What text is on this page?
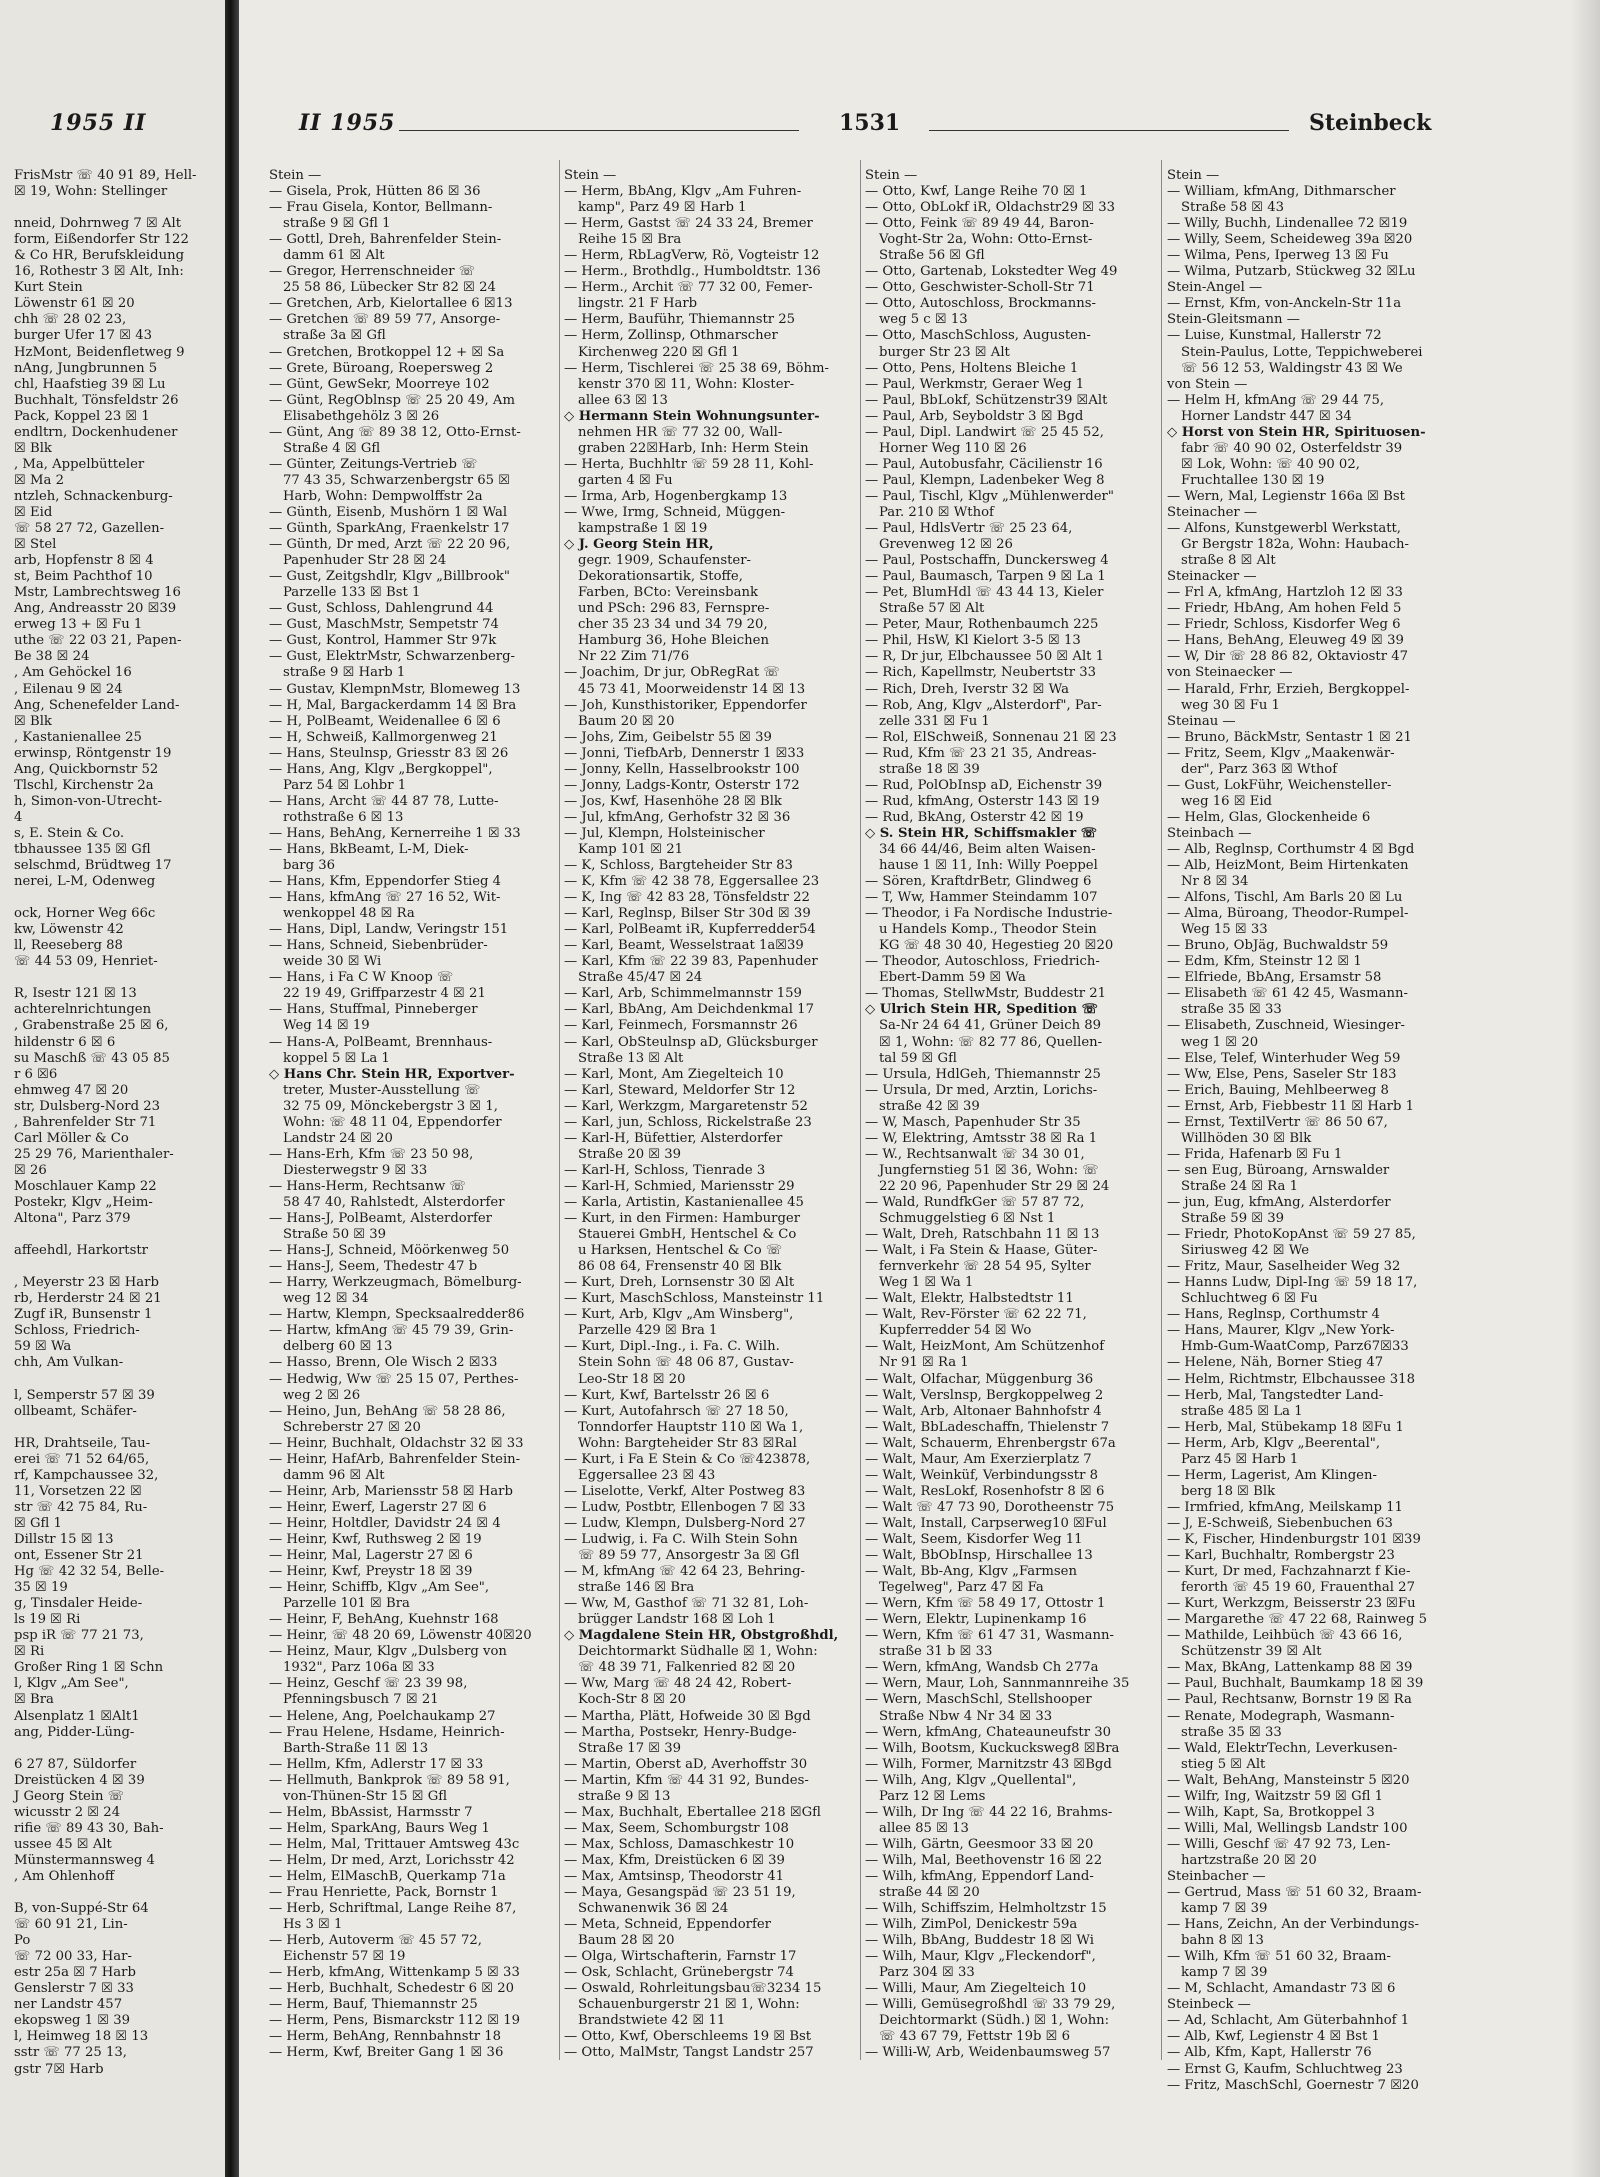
1955 II
FrisMstr ☏ 40 91 89, Hell-
☒ 19, Wohn: Stellinger
nneid, Dohrnweg 7 ☒ Alt
form, Eißendorfer Str 122
& Co HR, Berufskleidung
16, Rothestr 3 ☒ Alt, Inh:
Kurt Stein
Löwenstr 61 ☒ 20
chh ☏ 28 02 23,
burger Ufer 17 ☒ 43
HzMont, Beidenfletweg 9
nAng, Jungbrunnen 5
chl, Haafstieg 39 ☒ Lu
Buchhalt, Tönsfeldstr 26
Pack, Koppel 23 ☒ 1
endltrn, Dockenhudener
☒ Blk
, Ma, Appelbütteler
☒ Ma 2
ntzleh, Schnackenburg-
☒ Eid
☏ 58 27 72, Gazellen-
☒ Stel
arb, Hopfenstr 8 ☒ 4
st, Beim Pachthof 10
Mstr, Lambrechtsweg 16
Ang, Andreasstr 20 ☒39
erweg 13 + ☒ Fu 1
uthe ☏ 22 03 21, Papen-
Be 38 ☒ 24
, Am Gehöckel 16
, Eilenau 9 ☒ 24
Ang, Schenefelder Land-
☒ Blk
, Kastanienallee 25
erwinsp, Röntgenstr 19
Ang, Quickbornstr 52
Tlschl, Kirchenstr 2a
h, Simon-von-Utrecht-
4
s, E. Stein & Co.
tbhaussee 135 ☒ Gfl
selschmd, Brüdtweg 17
nerei, L-M, Odenweg
ock, Horner Weg 66c
kw, Löwenstr 42
ll, Reeseberg 88
☏ 44 53 09, Henriet-
R, Isestr 121 ☒ 13
achterelnrichtungen
, Grabenstraße 25 ☒ 6,
hildenstr 6 ☒ 6
su Maschß ☏ 43 05 85
r 6 ☒6
ehmweg 47 ☒ 20
str, Dulsberg-Nord 23
, Bahrenfelder Str 71
Carl Möller & Co
25 29 76, Marienthaler-
☒ 26
Moschlauer Kamp 22
Postekr, Klgv „Heim-
Altona", Parz 379
affeehdl, Harkortstr
, Meyerstr 23 ☒ Harb
rb, Herderstr 24 ☒ 21
Zugf iR, Bunsenstr 1
Schloss, Friedrich-
59 ☒ Wa
chh, Am Vulkan-
l, Semperstr 57 ☒ 39
ollbeamt, Schäfer-
HR, Drahtseile, Tau-
erei ☏ 71 52 64/65,
rf, Kampchaussee 32,
11, Vorsetzen 22 ☒
str ☏ 42 75 84, Ru-
☒ Gfl 1
Dillstr 15 ☒ 13
ont, Essener Str 21
Hg ☏ 42 32 54, Belle-
35 ☒ 19
g, Tinsdaler Heide-
ls 19 ☒ Ri
psp iR ☏ 77 21 73,
☒ Ri
Großer Ring 1 ☒ Schn
l, Klgv „Am See",
☒ Bra
Alsenplatz 1 ☒Alt1
ang, Pidder-Lüng-
6 27 87, Süldorfer
Dreistücken 4 ☒ 39
J Georg Stein ☏
wicusstr 2 ☒ 24
rifie ☏ 89 43 30, Bah-
ussee 45 ☒ Alt
Münstermannsweg 4
, Am Ohlenhoff
B, von-Suppé-Str 64
☏ 60 91 21, Lin-
Po
☏ 72 00 33, Har-
estr 25a ☒ 7 Harb
Genslerstr 7 ☒ 33
ner Landstr 457
ekopsweg 1 ☒ 39
l, Heimweg 18 ☒ 13
sstr ☏ 77 25 13,
gstr 7☒ Harb
II 1955	1531	Steinbeck
Stein —
— Gisela, Prok, Hütten 86 ☒ 36
— Frau Gisela, Kontor, Bellmann-
straße 9 ☒ Gfl 1
— Gottl, Dreh, Bahrenfelder Stein-
damm 61 ☒ Alt
— Gregor, Herrenschneider ☏
25 58 86, Lübecker Str 82 ☒ 24
— Gretchen, Arb, Kielortallee 6 ☒13
— Gretchen ☏ 89 59 77, Ansorge-
straße 3a ☒ Gfl
— Gretchen, Brotkoppel 12 + ☒ Sa
— Grete, Büroang, Roepersweg 2
— Günt, GewSekr, Moorreye 102
— Günt, RegOblnsp ☏ 25 20 49, Am
Elisabethgehölz 3 ☒ 26
— Günt, Ang ☏ 89 38 12, Otto-Ernst-
Straße 4 ☒ Gfl
— Günter, Zeitungs-Vertrieb ☏
77 43 35, Schwarzenbergstr 65 ☒
Harb, Wohn: Dempwolffstr 2a
— Günth, Eisenb, Mushörn 1 ☒ Wal
— Günth, SparkAng, Fraenkelstr 17
— Günth, Dr med, Arzt ☏ 22 20 96,
Papenhuder Str 28 ☒ 24
— Gust, Zeitgshdlr, Klgv „Billbrook"
Parzelle 133 ☒ Bst 1
— Gust, Schloss, Dahlengrund 44
— Gust, MaschMstr, Sempetstr 74
— Gust, Kontrol, Hammer Str 97k
— Gust, ElektrMstr, Schwarzenberg-
straße 9 ☒ Harb 1
— Gustav, KlempnMstr, Blomeweg 13
— H, Mal, Bargackerdamm 14 ☒ Bra
— H, PolBeamt, Weidenallee 6 ☒ 6
— H, Schweiß, Kallmorgenweg 21
— Hans, Steulnsp, Griesstr 83 ☒ 26
— Hans, Ang, Klgv „Bergkoppel",
Parz 54 ☒ Lohbr 1
— Hans, Archt ☏ 44 87 78, Lutte-
rothstraße 6 ☒ 13
— Hans, BehAng, Kernerreihe 1 ☒ 33
— Hans, BkBeamt, L-M, Diek-
barg 36
— Hans, Kfm, Eppendorfer Stieg 4
— Hans, kfmAng ☏ 27 16 52, Wit-
wenkoppel 48 ☒ Ra
— Hans, Dipl, Landw, Veringstr 151
— Hans, Schneid, Siebenbrüder-
weide 30 ☒ Wi
— Hans, i Fa C W Knoop ☏
22 19 49, Griffparzestr 4 ☒ 21
— Hans, Stuffmal, Pinneberger
Weg 14 ☒ 19
— Hans-A, PolBeamt, Brennhaus-
koppel 5 ☒ La 1
◇ Hans Chr. Stein HR, Exportver-
treter, Muster-Ausstellung ☏
32 75 09, Mönckebergstr 3 ☒ 1,
Wohn: ☏ 48 11 04, Eppendorfer
Landstr 24 ☒ 20
— Hans-Erh, Kfm ☏ 23 50 98,
Diesterwegstr 9 ☒ 33
— Hans-Herm, Rechtsanw ☏
58 47 40, Rahlstedt, Alsterdorfer
— Hans-J, PolBeamt, Alsterdorfer
Straße 50 ☒ 39
— Hans-J, Schneid, Möörkenweg 50
— Hans-J, Seem, Thedestr 47 b
— Harry, Werkzeugmach, Bömelburg-
weg 12 ☒ 34
— Hartw, Klempn, Specksaalredder86
— Hartw, kfmAng ☏ 45 79 39, Grin-
delberg 60 ☒ 13
— Hasso, Brenn, Ole Wisch 2 ☒33
— Hedwig, Ww ☏ 25 15 07, Perthes-
weg 2 ☒ 26
— Heino, Jun, BehAng ☏ 58 28 86,
Schreberstr 27 ☒ 20
— Heinr, Buchhalt, Oldachstr 32 ☒ 33
— Heinr, HafArb, Bahrenfelder Stein-
damm 96 ☒ Alt
— Heinr, Arb, Mariensstr 58 ☒ Harb
— Heinr, Ewerf, Lagerstr 27 ☒ 6
— Heinr, Holtdler, Davidstr 24 ☒ 4
— Heinr, Kwf, Ruthsweg 2 ☒ 19
— Heinr, Mal, Lagerstr 27 ☒ 6
— Heinr, Kwf, Preystr 18 ☒ 39
— Heinr, Schiffb, Klgv „Am See",
Parzelle 101 ☒ Bra
— Heinr, F, BehAng, Kuehnstr 168
— Heinr, ☏ 48 20 69, Löwenstr 40☒20
— Heinz, Maur, Klgv „Dulsberg von
1932", Parz 106a ☒ 33
— Heinz, Geschf ☏ 23 39 98,
Pfenningsbusch 7 ☒ 21
— Helene, Ang, Poelchaukamp 27
— Frau Helene, Hsdame, Heinrich-
Barth-Straße 11 ☒ 13
— Hellm, Kfm, Adlerstr 17 ☒ 33
— Hellmuth, Bankprok ☏ 89 58 91,
von-Thünen-Str 15 ☒ Gfl
— Helm, BbAssist, Harmsstr 7
— Helm, SparkAng, Baurs Weg 1
— Helm, Mal, Trittauer Amtsweg 43c
— Helm, Dr med, Arzt, Lorichsstr 42
— Helm, ElMaschB, Querkamp 71a
— Frau Henriette, Pack, Bornstr 1
— Herb, Schriftmal, Lange Reihe 87,
Hs 3 ☒ 1
— Herb, Autoverm ☏ 45 57 72,
Eichenstr 57 ☒ 19
— Herb, kfmAng, Wittenkamp 5 ☒ 33
— Herb, Buchhalt, Schedestr 6 ☒ 20
— Herm, Bauf, Thiemannstr 25
— Herm, Pens, Bismarckstr 112 ☒ 19
— Herm, BehAng, Rennbahnstr 18
— Herm, Kwf, Breiter Gang 1 ☒ 36
Stein —
— Herm, BbAng, Klgv „Am Fuhren-
kamp", Parz 49 ☒ Harb 1
— Herm, Gastst ☏ 24 33 24, Bremer
Reihe 15 ☒ Bra
— Herm, RbLagVerw, Rö, Vogteistr 12
— Herm., Brothdlg., Humboldtstr. 136
— Herm., Archit ☏ 77 32 00, Femer-
lingstr. 21 F Harb
— Herm, Bauführ, Thiemannstr 25
— Herm, Zollinsp, Othmarscher
Kirchenweg 220 ☒ Gfl 1
— Herm, Tischlerei ☏ 25 38 69, Böhm-
kenstr 370 ☒ 11, Wohn: Kloster-
allee 63 ☒ 13
◇ Hermann Stein Wohnungsunter-
nehmen HR ☏ 77 32 00, Wall-
graben 22☒Harb, Inh: Herm Stein
— Herta, Buchhltr ☏ 59 28 11, Kohl-
garten 4 ☒ Fu
— Irma, Arb, Hogenbergkamp 13
— Wwe, Irmg, Schneid, Müggen-
kampstraße 1 ☒ 19
◇ J. Georg Stein HR,
gegr. 1909, Schaufenster-
Dekorationsartik, Stoffe,
Farben, BCto: Vereinsbank
und PSch: 296 83, Fernspre-
cher 35 23 34 und 34 79 20,
Hamburg 36, Hohe Bleichen
Nr 22 Zim 71/76
— Joachim, Dr jur, ObRegRat ☏
45 73 41, Moorweidenstr 14 ☒ 13
— Joh, Kunsthistoriker, Eppendorfer
Baum 20 ☒ 20
— Johs, Zim, Geibelstr 55 ☒ 39
— Jonni, TiefbArb, Dennerstr 1 ☒33
— Jonny, Kelln, Hasselbrookstr 100
— Jonny, Ladgs-Kontr, Osterstr 172
— Jos, Kwf, Hasenhöhe 28 ☒ Blk
— Jul, kfmAng, Gerhofstr 32 ☒ 36
— Jul, Klempn, Holsteinischer
Kamp 101 ☒ 21
— K, Schloss, Bargteheider Str 83
— K, Kfm ☏ 42 38 78, Eggersallee 23
— K, Ing ☏ 42 83 28, Tönsfeldstr 22
— Karl, Reglnsp, Bilser Str 30d ☒ 39
— Karl, PolBeamt iR, Kupferredder54
— Karl, Beamt, Wesselstraat 1a☒39
— Karl, Kfm ☏ 22 39 83, Papenhuder
Straße 45/47 ☒ 24
— Karl, Arb, Schimmelmannstr 159
— Karl, BbAng, Am Deichdenkmal 17
— Karl, Feinmech, Forsmannstr 26
— Karl, ObSteulnsp aD, Glücksburger
Straße 13 ☒ Alt
— Karl, Mont, Am Ziegelteich 10
— Karl, Steward, Meldorfer Str 12
— Karl, Werkzgm, Margaretenstr 52
— Karl, jun, Schloss, Rickelstraße 23
— Karl-H, Büfettier, Alsterdorfer
Straße 20 ☒ 39
— Karl-H, Schloss, Tienrade 3
— Karl-H, Schmied, Mariensstr 29
— Karla, Artistin, Kastanienallee 45
— Kurt, in den Firmen: Hamburger
Stauerei GmbH, Hentschel & Co
u Harksen, Hentschel & Co ☏
86 08 64, Frensenstr 40 ☒ Blk
— Kurt, Dreh, Lornsenstr 30 ☒ Alt
— Kurt, MaschSchloss, Mansteinstr 11
— Kurt, Arb, Klgv „Am Winsberg",
Parzelle 429 ☒ Bra 1
— Kurt, Dipl.-Ing., i. Fa. C. Wilh.
Stein Sohn ☏ 48 06 87, Gustav-
Leo-Str 18 ☒ 20
— Kurt, Kwf, Bartelsstr 26 ☒ 6
— Kurt, Autofahrsch ☏ 27 18 50,
Tonndorfer Hauptstr 110 ☒ Wa 1,
Wohn: Bargteheider Str 83 ☒Ral
— Kurt, i Fa E Stein & Co ☏423878,
Eggersallee 23 ☒ 43
— Liselotte, Verkf, Alter Postweg 83
— Ludw, Postbtr, Ellenbogen 7 ☒ 33
— Ludw, Klempn, Dulsberg-Nord 27
— Ludwig, i. Fa C. Wilh Stein Sohn
☏ 89 59 77, Ansorgestr 3a ☒ Gfl
— M, kfmAng ☏ 42 64 23, Behring-
straße 146 ☒ Bra
— Ww, M, Gasthof ☏ 71 32 81, Loh-
brügger Landstr 168 ☒ Loh 1
◇ Magdalene Stein HR, Obstgroßhdl,
Deichtormarkt Südhalle ☒ 1, Wohn:
☏ 48 39 71, Falkenried 82 ☒ 20
— Ww, Marg ☏ 48 24 42, Robert-
Koch-Str 8 ☒ 20
— Martha, Plätt, Hofweide 30 ☒ Bgd
— Martha, Postsekr, Henry-Budge-
Straße 17 ☒ 39
— Martin, Oberst aD, Averhoffstr 30
— Martin, Kfm ☏ 44 31 92, Bundes-
straße 9 ☒ 13
— Max, Buchhalt, Ebertallee 218 ☒Gfl
— Max, Seem, Schomburgstr 108
— Max, Schloss, Damaschkestr 10
— Max, Kfm, Dreistücken 6 ☒ 39
— Max, Amtsinsp, Theodorstr 41
— Maya, Gesangspäd ☏ 23 51 19,
Schwanenwik 36 ☒ 24
— Meta, Schneid, Eppendorfer
Baum 28 ☒ 20
— Olga, Wirtschafterin, Farnstr 17
— Osk, Schlacht, Grünebergstr 74
— Oswald, Rohrleitungsbau☏3234 15
Schauenburgerstr 21 ☒ 1, Wohn:
Brandstwiete 42 ☒ 11
— Otto, Kwf, Oberschleems 19 ☒ Bst
— Otto, MalMstr, Tangst Landstr 257
Stein —
— Otto, Kwf, Lange Reihe 70 ☒ 1
— Otto, ObLokf iR, Oldachstr29 ☒ 33
— Otto, Feink ☏ 89 49 44, Baron-
Voght-Str 2a, Wohn: Otto-Ernst-
Straße 56 ☒ Gfl
— Otto, Gartenab, Lokstedter Weg 49
— Otto, Geschwister-Scholl-Str 71
— Otto, Autoschloss, Brockmanns-
weg 5 c ☒ 13
— Otto, MaschSchloss, Augusten-
burger Str 23 ☒ Alt
— Otto, Pens, Holtens Bleiche 1
— Paul, Werkmstr, Geraer Weg 1
— Paul, BbLokf, Schützenstr39 ☒Alt
— Paul, Arb, Seyboldstr 3 ☒ Bgd
— Paul, Dipl. Landwirt ☏ 25 45 52,
Horner Weg 110 ☒ 26
— Paul, Autobusfahr, Cäcilienstr 16
— Paul, Klempn, Ladenbeker Weg 8
— Paul, Tischl, Klgv „Mühlenwerder"
Par. 210 ☒ Wthof
— Paul, HdlsVertr ☏ 25 23 64,
Grevenweg 12 ☒ 26
— Paul, Postschaffn, Dunckersweg 4
— Paul, Baumasch, Tarpen 9 ☒ La 1
— Pet, BlumHdl ☏ 43 44 13, Kieler
Straße 57 ☒ Alt
— Peter, Maur, Rothenbaumch 225
— Phil, HsW, Kl Kielort 3-5 ☒ 13
— R, Dr jur, Elbchaussee 50 ☒ Alt 1
— Rich, Kapellmstr, Neubertstr 33
— Rich, Dreh, Iverstr 32 ☒ Wa
— Rob, Ang, Klgv „Alsterdorf", Par-
zelle 331 ☒ Fu 1
— Rol, ElSchweiß, Sonnenau 21 ☒ 23
— Rud, Kfm ☏ 23 21 35, Andreas-
straße 18 ☒ 39
— Rud, PolObInsp aD, Eichenstr 39
— Rud, kfmAng, Osterstr 143 ☒ 19
— Rud, BkAng, Osterstr 42 ☒ 19
◇ S. Stein HR, Schiffsmakler ☏
34 66 44/46, Beim alten Waisen-
hause 1 ☒ 11, Inh: Willy Poeppel
— Sören, KraftdrBetr, Glindweg 6
— T, Ww, Hammer Steindamm 107
— Theodor, i Fa Nordische Industrie-
u Handels Komp., Theodor Stein
KG ☏ 48 30 40, Hegestieg 20 ☒20
— Theodor, Autoschloss, Friedrich-
Ebert-Damm 59 ☒ Wa
— Thomas, StellwMstr, Buddestr 21
◇ Ulrich Stein HR, Spedition ☏
Sa-Nr 24 64 41, Grüner Deich 89
☒ 1, Wohn: ☏ 82 77 86, Quellen-
tal 59 ☒ Gfl
— Ursula, HdlGeh, Thiemannstr 25
— Ursula, Dr med, Arztin, Lorichs-
straße 42 ☒ 39
— W, Masch, Papenhuder Str 35
— W, Elektring, Amtsstr 38 ☒ Ra 1
— W., Rechtsanwalt ☏ 34 30 01,
Jungfernstieg 51 ☒ 36, Wohn: ☏
22 20 96, Papenhuder Str 29 ☒ 24
— Wald, RundfkGer ☏ 57 87 72,
Schmuggelstieg 6 ☒ Nst 1
— Walt, Dreh, Ratschbahn 11 ☒ 13
— Walt, i Fa Stein & Haase, Güter-
fernverkehr ☏ 28 54 95, Sylter
Weg 1 ☒ Wa 1
— Walt, Elektr, Halbstedtstr 11
— Walt, Rev-Förster ☏ 62 22 71,
Kupferredder 54 ☒ Wo
— Walt, HeizMont, Am Schützenhof
Nr 91 ☒ Ra 1
— Walt, Olfachar, Müggenburg 36
— Walt, Verslnsp, Bergkoppelweg 2
— Walt, Arb, Altonaer Bahnhofstr 4
— Walt, BbLadeschaffn, Thielenstr 7
— Walt, Schauerm, Ehrenbergstr 67a
— Walt, Maur, Am Exerzierplatz 7
— Walt, Weinküf, Verbindungsstr 8
— Walt, ResLokf, Rosenhofstr 8 ☒ 6
— Walt ☏ 47 73 90, Dorotheenstr 75
— Walt, Install, Carpserweg10 ☒Ful
— Walt, Seem, Kisdorfer Weg 11
— Walt, BbObInsp, Hirschallee 13
— Walt, Bb-Ang, Klgv „Farmsen
Tegelweg", Parz 47 ☒ Fa
— Wern, Kfm ☏ 58 49 17, Ottostr 1
— Wern, Elektr, Lupinenkamp 16
— Wern, Kfm ☏ 61 47 31, Wasmann-
straße 31 b ☒ 33
— Wern, kfmAng, Wandsb Ch 277a
— Wern, Maur, Loh, Sannmannreihe 35
— Wern, MaschSchl, Stellshooper
Straße Nbw 4 Nr 34 ☒ 33
— Wern, kfmAng, Chateauneufstr 30
— Wilh, Bootsm, Kuckucksweg8 ☒Bra
— Wilh, Former, Marnitzstr 43 ☒Bgd
— Wilh, Ang, Klgv „Quellental",
Parz 12 ☒ Lems
— Wilh, Dr Ing ☏ 44 22 16, Brahms-
allee 85 ☒ 13
— Wilh, Gärtn, Geesmoor 33 ☒ 20
— Wilh, Mal, Beethovenstr 16 ☒ 22
— Wilh, kfmAng, Eppendorf Land-
straße 44 ☒ 20
— Wilh, Schiffszim, Helmholtzstr 15
— Wilh, ZimPol, Denickestr 59a
— Wilh, BbAng, Buddestr 18 ☒ Wi
— Wilh, Maur, Klgv „Fleckendorf",
Parz 304 ☒ 33
— Willi, Maur, Am Ziegelteich 10
— Willi, Gemüsegroßhdl ☏ 33 79 29,
Deichtormarkt (Südh.) ☒ 1, Wohn:
☏ 43 67 79, Fettstr 19b ☒ 6
— Willi-W, Arb, Weidenbaumsweg 57
Stein —
— William, kfmAng, Dithmarscher
Straße 58 ☒ 43
— Willy, Buchh, Lindenallee 72 ☒19
— Willy, Seem, Scheideweg 39a ☒20
— Wilma, Pens, Iperweg 13 ☒ Fu
— Wilma, Putzarb, Stückweg 32 ☒Lu
Stein-Angel —
— Ernst, Kfm, von-Anckeln-Str 11a
Stein-Gleitsmann —
— Luise, Kunstmal, Hallerstr 72
Stein-Paulus, Lotte, Teppichweberei
☏ 56 12 53, Waldingstr 43 ☒ We
von Stein —
— Helm H, kfmAng ☏ 29 44 75,
Horner Landstr 447 ☒ 34
◇ Horst von Stein HR, Spirituosen-
fabr ☏ 40 90 02, Osterfeldstr 39
☒ Lok, Wohn: ☏ 40 90 02,
Fruchtallee 130 ☒ 19
— Wern, Mal, Legienstr 166a ☒ Bst
Steinacher —
— Alfons, Kunstgewerbl Werkstatt,
Gr Bergstr 182a, Wohn: Haubach-
straße 8 ☒ Alt
Steinacker —
— Frl A, kfmAng, Hartzloh 12 ☒ 33
— Friedr, HbAng, Am hohen Feld 5
— Friedr, Schloss, Kisdorfer Weg 6
— Hans, BehAng, Eleuweg 49 ☒ 39
— W, Dir ☏ 28 86 82, Oktaviostr 47
von Steinaecker —
— Harald, Frhr, Erzieh, Bergkoppel-
weg 30 ☒ Fu 1
Steinau —
— Bruno, BäckMstr, Sentastr 1 ☒ 21
— Fritz, Seem, Klgv „Maakenwär-
der", Parz 363 ☒ Wthof
— Gust, LokFühr, Weichensteller-
weg 16 ☒ Eid
— Helm, Glas, Glockenheide 6
Steinbach —
— Alb, Reglnsp, Corthumstr 4 ☒ Bgd
— Alb, HeizMont, Beim Hirtenkaten
Nr 8 ☒ 34
— Alfons, Tischl, Am Barls 20 ☒ Lu
— Alma, Büroang, Theodor-Rumpel-
Weg 15 ☒ 33
— Bruno, ObJäg, Buchwaldstr 59
— Edm, Kfm, Steinstr 12 ☒ 1
— Elfriede, BbAng, Ersamstr 58
— Elisabeth ☏ 61 42 45, Wasmann-
straße 35 ☒ 33
— Elisabeth, Zuschneid, Wiesinger-
weg 1 ☒ 20
— Else, Telef, Winterhuder Weg 59
— Ww, Else, Pens, Saseler Str 183
— Erich, Bauing, Mehlbeerweg 8
— Ernst, Arb, Fiebbestr 11 ☒ Harb 1
— Ernst, TextilVertr ☏ 86 50 67,
Willhöden 30 ☒ Blk
— Frida, Hafenarb ☒ Fu 1
— sen Eug, Büroang, Arnswalder
Straße 24 ☒ Ra 1
— jun, Eug, kfmAng, Alsterdorfer
Straße 59 ☒ 39
— Friedr, PhotoKopAnst ☏ 59 27 85,
Siriusweg 42 ☒ We
— Fritz, Maur, Saselheider Weg 32
— Hanns Ludw, Dipl-Ing ☏ 59 18 17,
Schluchtweg 6 ☒ Fu
— Hans, Reglnsp, Corthumstr 4
— Hans, Maurer, Klgv „New York-
Hmb-Gum-WaatComp, Parz67☒33
— Helene, Näh, Borner Stieg 47
— Helm, Richtmstr, Elbchaussee 318
— Herb, Mal, Tangstedter Land-
straße 485 ☒ La 1
— Herb, Mal, Stübekamp 18 ☒Fu 1
— Herm, Arb, Klgv „Beerental",
Parz 45 ☒ Harb 1
— Herm, Lagerist, Am Klingen-
berg 18 ☒ Blk
— Irmfried, kfmAng, Meilskamp 11
— J, E-Schweiß, Siebenbuchen 63
— K, Fischer, Hindenburgstr 101 ☒39
— Karl, Buchhaltr, Rombergstr 23
— Kurt, Dr med, Fachzahnarzt f Kie-
ferorth ☏ 45 19 60, Frauenthal 27
— Kurt, Werkzgm, Beisserstr 23 ☒Fu
— Margarethe ☏ 47 22 68, Rainweg 5
— Mathilde, Leihbüch ☏ 43 66 16,
Schützenstr 39 ☒ Alt
— Max, BkAng, Lattenkamp 88 ☒ 39
— Paul, Buchhalt, Baumkamp 18 ☒ 39
— Paul, Rechtsanw, Bornstr 19 ☒ Ra
— Renate, Modegraph, Wasmann-
straße 35 ☒ 33
— Wald, ElektrTechn, Leverkusen-
stieg 5 ☒ Alt
— Walt, BehAng, Mansteinstr 5 ☒20
— Wilfr, Ing, Waitzstr 59 ☒ Gfl 1
— Wilh, Kapt, Sa, Brotkoppel 3
— Willi, Mal, Wellingsb Landstr 100
— Willi, Geschf ☏ 47 92 73, Len-
hartzstraße 20 ☒ 20
Steinbacher —
— Gertrud, Mass ☏ 51 60 32, Braam-
kamp 7 ☒ 39
— Hans, Zeichn, An der Verbindungs-
bahn 8 ☒ 13
— Wilh, Kfm ☏ 51 60 32, Braam-
kamp 7 ☒ 39
— M, Schlacht, Amandastr 73 ☒ 6
Steinbeck —
— Ad, Schlacht, Am Güterbahnhof 1
— Alb, Kwf, Legienstr 4 ☒ Bst 1
— Alb, Kfm, Kapt, Hallerstr 76
— Ernst G, Kaufm, Schluchtweg 23
— Fritz, MaschSchl, Goernestr 7 ☒20
